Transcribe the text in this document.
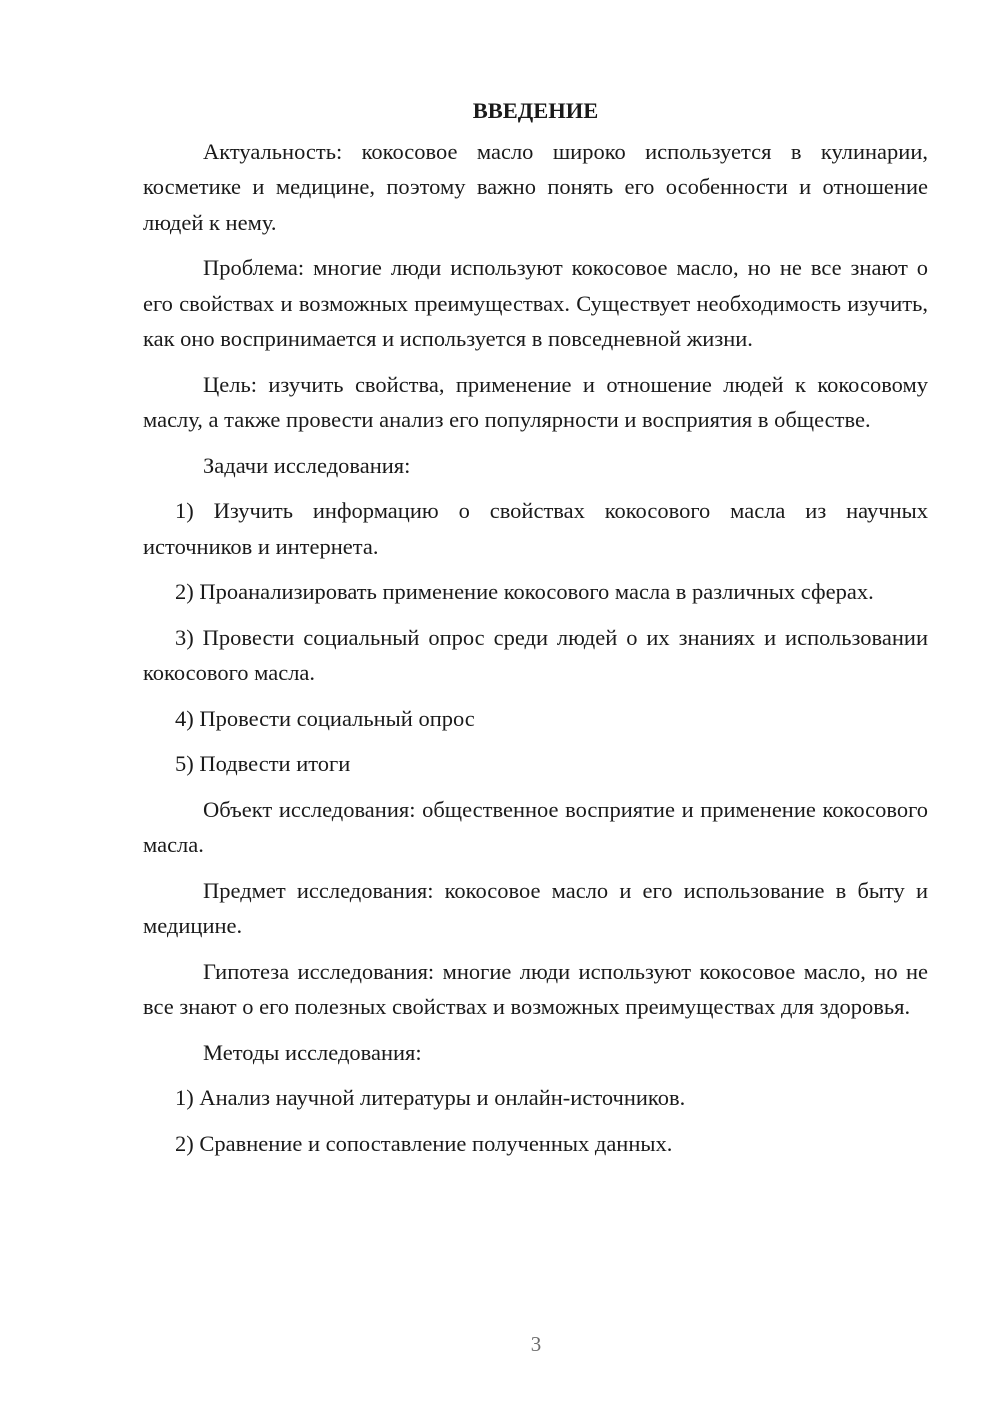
ВВЕДЕНИЕ

Актуальность: кокосовое масло широко используется в кулинарии, косметике и медицине, поэтому важно понять его особенности и отношение людей к нему.

Проблема: многие люди используют кокосовое масло, но не все знают о его свойствах и возможных преимуществах. Существует необходимость изучить, как оно воспринимается и используется в повседневной жизни.

Цель: изучить свойства, применение и отношение людей к кокосовому маслу, а также провести анализ его популярности и восприятия в обществе.

Задачи исследования:

1) Изучить информацию о свойствах кокосового масла из научных источников и интернета.

2) Проанализировать применение кокосового масла в различных сферах.

3) Провести социальный опрос среди людей о их знаниях и использовании кокосового масла.

4) Провести социальный опрос

5) Подвести итоги

Объект исследования: общественное восприятие и применение кокосового масла.

Предмет исследования: кокосовое масло и его использование в быту и медицине.

Гипотеза исследования: многие люди используют кокосовое масло, но не все знают о его полезных свойствах и возможных преимуществах для здоровья.

Методы исследования:

1) Анализ научной литературы и онлайн-источников.

2) Сравнение и сопоставление полученных данных.

3
